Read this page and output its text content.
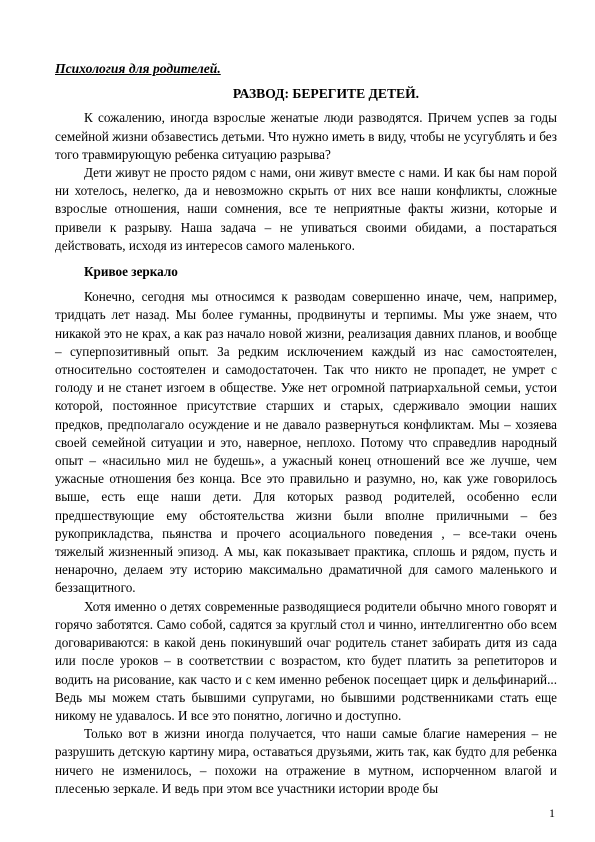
Психология для родителей.

РАЗВОД: БЕРЕГИТЕ ДЕТЕЙ.

К сожалению, иногда взрослые женатые люди разводятся. Причем успев за годы семейной жизни обзавестись детьми. Что нужно иметь в виду, чтобы не усугублять и без того травмирующую ребенка ситуацию разрыва?

Дети живут не просто рядом с нами, они живут вместе с нами. И как бы нам порой ни хотелось, нелегко, да и невозможно скрыть от них все наши конфликты, сложные взрослые отношения, наши сомнения, все те неприятные факты жизни, которые и привели к разрыву. Наша задача – не упиваться своими обидами, а постараться действовать, исходя из интересов самого маленького.

Кривое зеркало

Конечно, сегодня мы относимся к разводам совершенно иначе, чем, например, тридцать лет назад. Мы более гуманны, продвинуты и терпимы. Мы уже знаем, что никакой это не крах, а как раз начало новой жизни, реализация давних планов, и вообще – суперпозитивный опыт. За редким исключением каждый из нас самостоятелен, относительно состоятелен и самодостаточен. Так что никто не пропадет, не умрет с голоду и не станет изгоем в обществе. Уже нет огромной патриархальной семьи, устои которой, постоянное присутствие старших и старых, сдерживало эмоции наших предков, предполагало осуждение и не давало развернуться конфликтам. Мы – хозяева своей семейной ситуации и это, наверное, неплохо. Потому что справедлив народный опыт – «насильно мил не будешь», а ужасный конец отношений все же лучше, чем ужасные отношения без конца. Все это правильно и разумно, но, как уже говорилось выше, есть еще наши дети. Для которых развод родителей, особенно если предшествующие ему обстоятельства жизни были вполне приличными – без рукоприкладства, пьянства и прочего асоциального поведения , – все-таки очень тяжелый жизненный эпизод. А мы, как показывает практика, сплошь и рядом, пусть и ненарочно, делаем эту историю максимально драматичной для самого маленького и беззащитного.

Хотя именно о детях современные разводящиеся родители обычно много говорят и горячо заботятся. Само собой, садятся за круглый стол и чинно, интеллигентно обо всем договариваются: в какой день покинувший очаг родитель станет забирать дитя из сада или после уроков – в соответствии с возрастом, кто будет платить за репетиторов и водить на рисование, как часто и с кем именно ребенок посещает цирк и дельфинарий... Ведь мы можем стать бывшими супругами, но бывшими родственниками стать еще никому не удавалось. И все это понятно, логично и доступно.

Только вот в жизни иногда получается, что наши самые благие намерения – не разрушить детскую картину мира, оставаться друзьями, жить так, как будто для ребенка ничего не изменилось, – похожи на отражение в мутном, испорченном влагой и плесенью зеркале. И ведь при этом все участники истории вроде бы

1
